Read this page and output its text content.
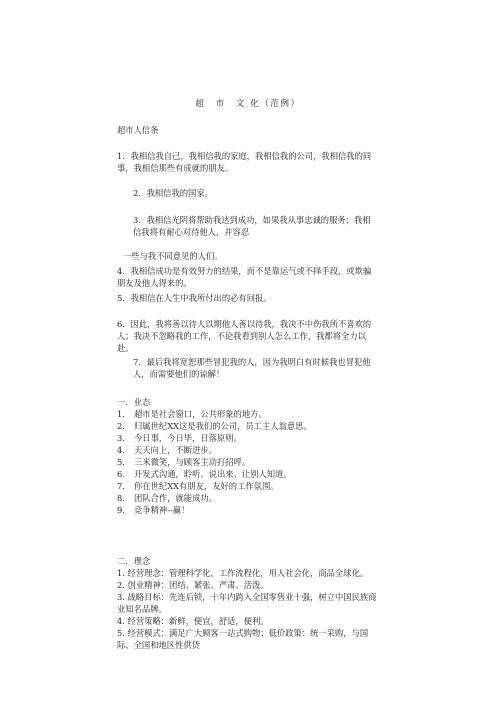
超　市　文 化（范例）

超市人信条

1．我相信我自己，我相信我的家庭，我相信我的公司，我相信我的同事，我相信那些有成就的朋友。

2．我相信我的国家。

3．我相信光阴将帮助我达到成功，如果我从事忠诚的服务；我相信我将有耐心对待他人，并容忍

一些与我不同意见的人们。

4．我相信成功是有效努力的结果，而不是靠运气或不择手段，或欺骗朋友及他人得来的。

5．我相信在人生中我所付出的必有回报。

6．因此，我将善以待人以期他人善以待我，我决不中伤我所不喜欢的人；我决不忽略我的工作，不论我看到别人怎么工作，我都将全力以赴。

7．最后我将宽恕那些冒犯我的人，因为我明白有时候我也冒犯他人，而需要他们的谅解！

一．业态

1． 超市是社会窗口，公共形象的地方。
2． 归属世纪XX这是我们的公司，员工主人翁意思。
3． 今日事，今日毕，日落原则。
4． 天天向上，不断进步。
5． 三米微笑，与顾客主动打招呼。
6． 开发式沟通，聆听、说出来、让别人知道。
7． 你在世纪XX有朋友，友好的工作氛围。
8． 团队合作，就能成功。
9． 竞争精神--赢！

二．理念

1. 经营理念：管理科学化，工作流程化，用人社会化，商品全球化。

2. 创业精神：团结、紧张、严肃、活泼。

3. 战略目标：先连后锁，十年内跨入全国零售业十强，树立中国民族商业知名品牌。

4. 经营策略：新鲜，便宜，舒适，便利。

5. 经营模式：满足广大顾客一站式购物；低价政策：统一采购，与国际、全国和地区性供货
